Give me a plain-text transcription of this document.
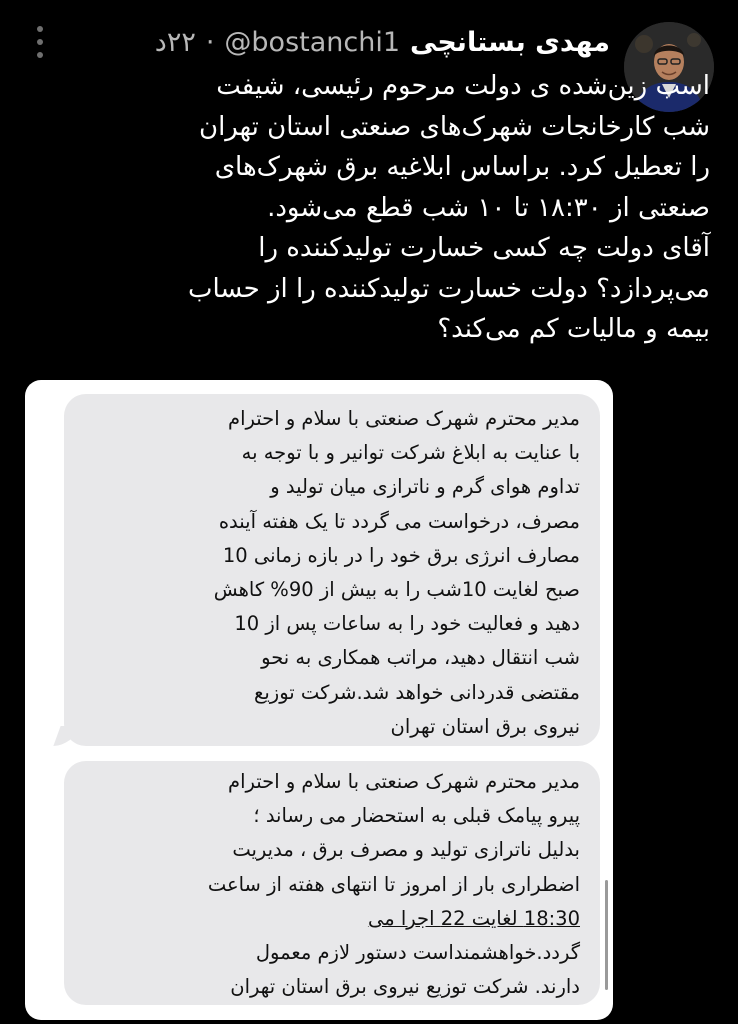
مهدی بستانچی
@bostanchi1
·
۲۲د
اسب زین‌شده ی دولت مرحوم رئیسی، شیفت
شب کارخانجات شهرک‌های صنعتی استان تهران
را تعطیل کرد. براساس ابلاغیه برق شهرک‌های
صنعتی از ۱۸:۳۰ تا ۱۰ شب قطع می‌شود.
آقای دولت چه کسی خسارت تولیدکننده را
می‌پردازد؟ دولت خسارت تولیدکننده را از حساب
بیمه و مالیات کم می‌کند؟
مدیر محترم شهرک صنعتی با سلام و احترام
با عنایت به ابلاغ شرکت توانیر و با توجه به
تداوم هوای گرم و ناترازی میان تولید و
مصرف، درخواست می گردد تا یک هفته آینده
مصارف انرژی برق خود را در بازه زمانی 10
صبح لغایت 10شب را به بیش از 90% کاهش
دهید و فعالیت خود را به ساعات پس از 10
شب انتقال دهید، مراتب همکاری به نحو
مقتضی قدردانی خواهد شد.شرکت توزیع
نیروی برق استان تهران
مدیر محترم شهرک صنعتی با سلام و احترام
پیرو پیامک قبلی به استحضار می رساند ؛
بدلیل ناترازی تولید و مصرف برق ، مدیریت
اضطراری بار از امروز تا انتهای هفته از ساعت
18:30 لغایت 22 اجرا می
گردد.خواهشمنداست دستور لازم معمول
دارند. شرکت توزیع نیروی برق استان تهران
